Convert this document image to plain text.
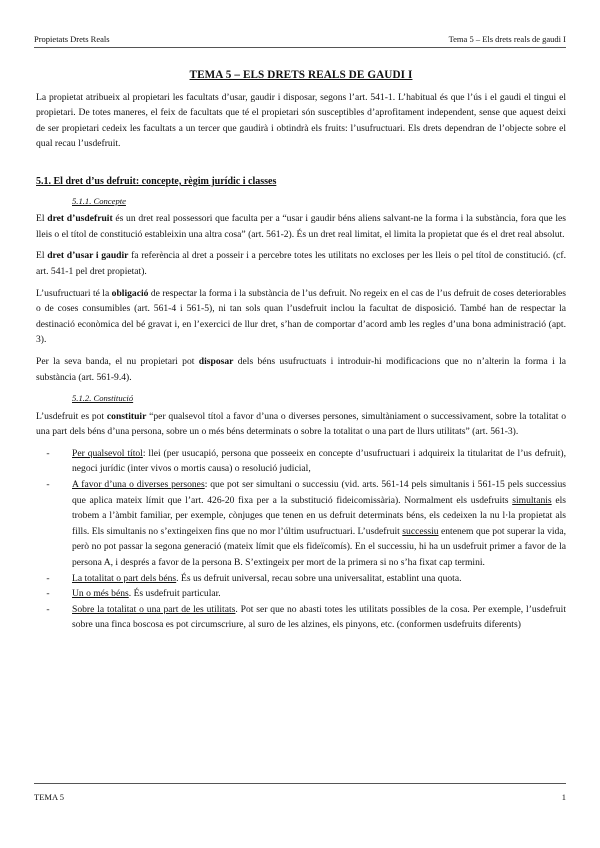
Propietats Drets Reals	Tema 5 – Els drets reals de gaudi I
TEMA 5 – ELS DRETS REALS DE GAUDI I

La propietat atribueix al propietari les facultats d’usar, gaudir i disposar, segons l’art. 541-1. L’habitual és que l’ús i el gaudi el tingui el propietari. De totes maneres, el feix de facultats que té el propietari són susceptibles d’aprofitament independent, sense que aquest deixi de ser propietari cedeix les facultats a un tercer que gaudirà i obtindrà els fruits: l’usufructuari. Els drets dependran de l’objecte sobre el qual recau l’usdefruit.

5.1. El dret d’us defruit: concepte, règim jurídic i classes
5.1.1. Concepte

El dret d’usdefruit és un dret real possessori que faculta per a “usar i gaudir béns aliens salvant-ne la forma i la substància, fora que les lleis o el títol de constitució estableixin una altra cosa” (art. 561-2). És un dret real limitat, el limita la propietat que és el dret real absolut.

El dret d’usar i gaudir fa referència al dret a posseir i a percebre totes les utilitats no excloses per les lleis o pel títol de constitució. (cf. art. 541-1 pel dret propietat).

L’usufructuari té la obligació de respectar la forma i la substància de l’us defruit. No regeix en el cas de l’us defruit de coses deteriorables o de coses consumibles (art. 561-4 i 561-5), ni tan sols quan l’usdefruit inclou la facultat de disposició. També han de respectar la destinació econòmica del bé gravat i, en l’exercici de llur dret, s’han de comportar d’acord amb les regles d’una bona administració (apt. 3).

Per la seva banda, el nu propietari pot disposar dels béns usufructuats i introduir-hi modificacions que no n’alterin la forma i la substància (art. 561-9.4).

5.1.2. Constitució

L’usdefruit es pot constituir “per qualsevol títol a favor d’una o diverses persones, simultàniament o successivament, sobre la totalitat o una part dels béns d’una persona, sobre un o més béns determinats o sobre la totalitat o una part de llurs utilitats” (art. 561-3).

-	Per qualsevol títol: llei (per usucapió, persona que posseeix en concepte d’usufructuari i adquireix la titularitat de l’us defruit), negoci jurídic (inter vivos o mortis causa) o resolució judicial,
-	A favor d’una o diverses persones: que pot ser simultani o successiu (vid. arts. 561-14 pels simultanis i 561-15 pels successius que aplica mateix límit que l’art. 426-20 fixa per a la substitució fideicomissària). Normalment els usdefruits simultanis els trobem a l’àmbit familiar, per exemple, cònjuges que tenen en us defruit determinats béns, els cedeixen la nu l·la propietat als fills. Els simultanis no s’extingeixen fins que no mor l’últim usufructuari. L’usdefruit successiu entenem que pot superar la vida, però no pot passar la segona generació (mateix límit que els fideïcomís). En el successiu, hi ha un usdefruit primer a favor de la persona A, i després a favor de la persona B. S’extingeix per mort de la primera si no s’ha fixat cap termini.
-	La totalitat o part dels béns. És us defruit universal, recau sobre una universalitat, establint una quota.
-	Un o més béns. És usdefruit particular.
-	Sobre la totalitat o una part de les utilitats. Pot ser que no abasti totes les utilitats possibles de la cosa. Per exemple, l’usdefruit sobre una finca boscosa es pot circumscriure, al suro de les alzines, els pinyons, etc. (conformen usdefruits diferents)
TEMA 5	1
